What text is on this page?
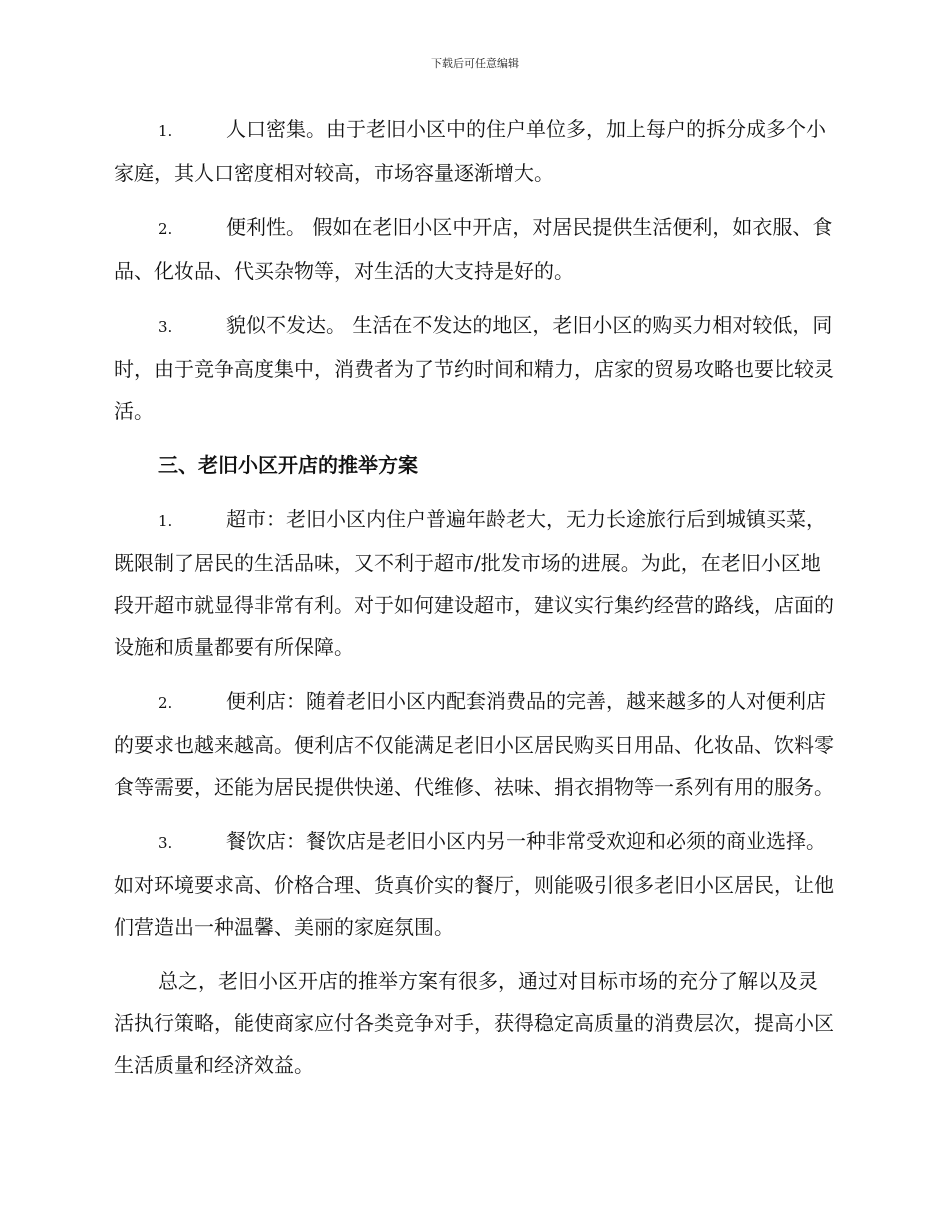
下载后可任意编辑

1.	人口密集。由于老旧小区中的住户单位多，加上每户的拆分成多个小家庭，其人口密度相对较高，市场容量逐渐增大。

2.	便利性。 假如在老旧小区中开店，对居民提供生活便利，如衣服、食品、化妆品、代买杂物等，对生活的大支持是好的。

3.	貌似不发达。 生活在不发达的地区，老旧小区的购买力相对较低，同时，由于竞争高度集中，消费者为了节约时间和精力，店家的贸易攻略也要比较灵活。

三、老旧小区开店的推举方案

1.	超市：老旧小区内住户普遍年龄老大，无力长途旅行后到城镇买菜，既限制了居民的生活品味，又不利于超市/批发市场的进展。为此，在老旧小区地段开超市就显得非常有利。对于如何建设超市，建议实行集约经营的路线，店面的设施和质量都要有所保障。

2.	便利店：随着老旧小区内配套消费品的完善，越来越多的人对便利店的要求也越来越高。便利店不仅能满足老旧小区居民购买日用品、化妆品、饮料零食等需要，还能为居民提供快递、代维修、祛味、捐衣捐物等一系列有用的服务。

3.	餐饮店：餐饮店是老旧小区内另一种非常受欢迎和必须的商业选择。如对环境要求高、价格合理、货真价实的餐厅，则能吸引很多老旧小区居民，让他们营造出一种温馨、美丽的家庭氛围。

总之，老旧小区开店的推举方案有很多，通过对目标市场的充分了解以及灵活执行策略，能使商家应付各类竞争对手，获得稳定高质量的消费层次，提高小区生活质量和经济效益。
